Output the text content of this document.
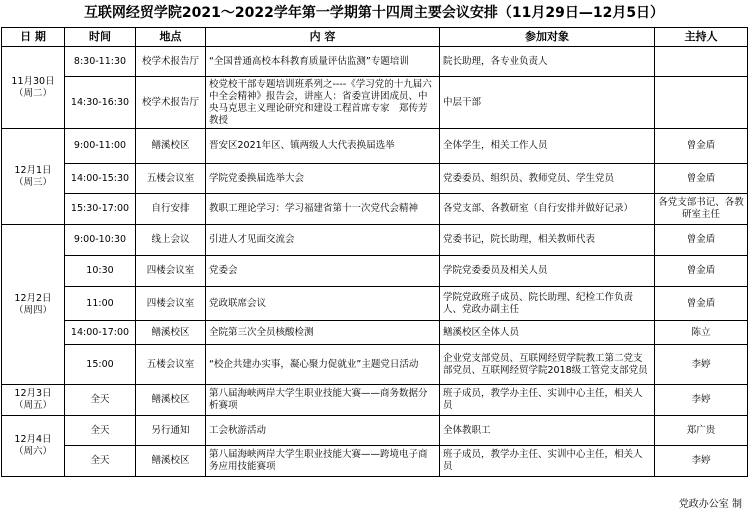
互联网经贸学院2021～2022学年第一学期第十四周主要会议安排（11月29日—12月5日）
日 期	时间	地点	内 容	参加对象	主持人

11月30日
（周二）	8:30-11:30	校学术报告厅	“全国普通高校本科教育质量评估监测”专题培训	院长助理，各专业负责人	
	14:30-16:30	校学术报告厅	校党校干部专题培训班系列之----《学习党的十九届六中全会精神》报告会，讲座人：省委宣讲团成员、中央马克思主义理论研究和建设工程首席专家　郑传芳 教授	中层干部	

12月1日
（周三）	9:00-11:00	鳝溪校区	晋安区2021年区、镇两级人大代表换届选举	全体学生，相关工作人员	曾金盾
	14:00-15:30	五楼会议室	学院党委换届选举大会	党委委员、组织员、教师党员、学生党员	曾金盾
	15:30-17:00	自行安排	教职工理论学习：学习福建省第十一次党代会精神	各党支部、各教研室（自行安排并做好记录）	各党支部书记、各教研室主任

12月2日
（周四）	9:00-10:30	线上会议	引进人才见面交流会	党委书记，院长助理，相关教师代表	曾金盾
	10:30	四楼会议室	党委会	学院党委委员及相关人员	曾金盾
	11:00	四楼会议室	党政联席会议	学院党政班子成员、院长助理、纪检工作负责人、党政办副主任	曾金盾
	14:00-17:00	鳝溪校区	全院第三次全员核酸检测	鳝溪校区全体人员	陈立
	15:00	五楼会议室	“校企共建办实事，凝心聚力促就业”主题党日活动	企业党支部党员、互联网经贸学院教工第二党支部党员、互联网经贸学院2018级工管党支部党员	李婷

12月3日
（周五）	全天	鳝溪校区	第八届海峡两岸大学生职业技能大赛——商务数据分析赛项	班子成员，教学办主任、实训中心主任，相关人员	李婷

12月4日
（周六）	全天	另行通知	工会秋游活动	全体教职工	郑广贵
	全天	鳝溪校区	第八届海峡两岸大学生职业技能大赛——跨境电子商务应用技能赛项	班子成员，教学办主任、实训中心主任，相关人员	李婷
党政办公室 制
